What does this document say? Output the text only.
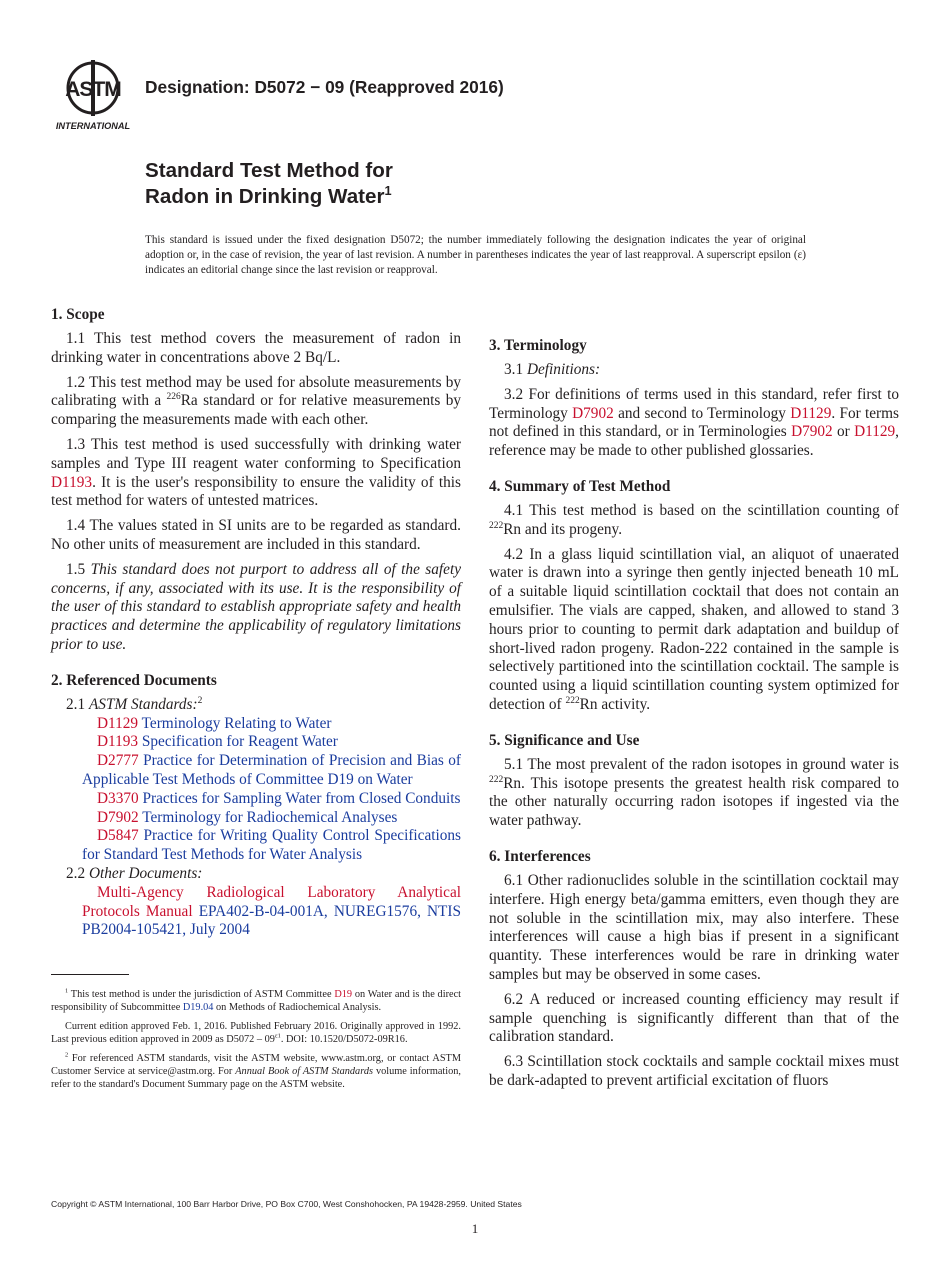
ASTM
INTERNATIONAL
Designation: D5072 − 09 (Reapproved 2016)
Standard Test Method for
Radon in Drinking Water$^1$
This standard is issued under the fixed designation D5072; the number immediately following the designation indicates the year of original adoption or, in the case of revision, the year of last revision. A number in parentheses indicates the year of last reapproval. A superscript epsilon (ε) indicates an editorial change since the last revision or reapproval.
1. Scope

1.1 This test method covers the measurement of radon in drinking water in concentrations above 2 Bq/L.

1.2 This test method may be used for absolute measurements by calibrating with a $^{226}$Ra standard or for relative measurements by comparing the measurements made with each other.

1.3 This test method is used successfully with drinking water samples and Type III reagent water conforming to Specification D1193. It is the user's responsibility to ensure the validity of this test method for waters of untested matrices.

1.4 The values stated in SI units are to be regarded as standard. No other units of measurement are included in this standard.

1.5 This standard does not purport to address all of the safety concerns, if any, associated with its use. It is the responsibility of the user of this standard to establish appropriate safety and health practices and determine the applicability of regulatory limitations prior to use.

2. Referenced Documents

2.1 ASTM Standards:$^2$

D1129 Terminology Relating to Water

D1193 Specification for Reagent Water

D2777 Practice for Determination of Precision and Bias of Applicable Test Methods of Committee D19 on Water

D3370 Practices for Sampling Water from Closed Conduits

D7902 Terminology for Radiochemical Analyses

D5847 Practice for Writing Quality Control Specifications for Standard Test Methods for Water Analysis

2.2 Other Documents:

Multi-Agency Radiological Laboratory Analytical Protocols Manual EPA402-B-04-001A, NUREG1576, NTIS PB2004-105421, July 2004

3. Terminology

3.1 Definitions:

3.2 For definitions of terms used in this standard, refer first to Terminology D7902 and second to Terminology D1129. For terms not defined in this standard, or in Terminologies D7902 or D1129, reference may be made to other published glossaries.

4. Summary of Test Method

4.1 This test method is based on the scintillation counting of $^{222}$Rn and its progeny.

4.2 In a glass liquid scintillation vial, an aliquot of unaerated water is drawn into a syringe then gently injected beneath 10 mL of a suitable liquid scintillation cocktail that does not contain an emulsifier. The vials are capped, shaken, and allowed to stand 3 hours prior to counting to permit dark adaptation and buildup of short-lived radon progeny. Radon-222 contained in the sample is selectively partitioned into the scintillation cocktail. The sample is counted using a liquid scintillation counting system optimized for detection of $^{222}$Rn activity.

5. Significance and Use

5.1 The most prevalent of the radon isotopes in ground water is $^{222}$Rn. This isotope presents the greatest health risk compared to the other naturally occurring radon isotopes if ingested via the water pathway.

6. Interferences

6.1 Other radionuclides soluble in the scintillation cocktail may interfere. High energy beta/gamma emitters, even though they are not soluble in the scintillation mix, may also interfere. These interferences will cause a high bias if present in a significant quantity. These interferences would be rare in drinking water samples but may be observed in some cases.

6.2 A reduced or increased counting efficiency may result if sample quenching is significantly different than that of the calibration standard.

6.3 Scintillation stock cocktails and sample cocktail mixes must be dark-adapted to prevent artificial excitation of fluors

$^1$ This test method is under the jurisdiction of ASTM Committee D19 on Water and is the direct responsibility of Subcommittee D19.04 on Methods of Radiochemical Analysis.

Current edition approved Feb. 1, 2016. Published February 2016. Originally approved in 1992. Last previous edition approved in 2009 as $D5072 - 09^{\varepsilon 1}$. DOI: 10.1520/D5072-09R16.

$^2$ For referenced ASTM standards, visit the ASTM website, www.astm.org, or contact ASTM Customer Service at service@astm.org. For Annual Book of ASTM Standards volume information, refer to the standard's Document Summary page on the ASTM website.

Copyright © ASTM International, 100 Barr Harbor Drive, PO Box C700, West Conshohocken, PA 19428-2959. United States
1
